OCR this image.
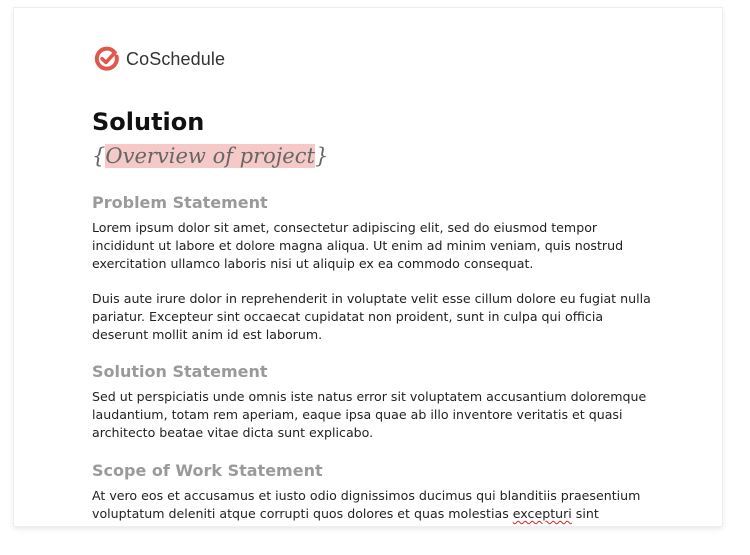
CoSchedule
Solution

{Overview of project}

Problem Statement

Lorem ipsum dolor sit amet, consectetur adipiscing elit, sed do eiusmod tempor incididunt ut labore et dolore magna aliqua. Ut enim ad minim veniam, quis nostrud exercitation ullamco laboris nisi ut aliquip ex ea commodo consequat.

Duis aute irure dolor in reprehenderit in voluptate velit esse cillum dolore eu fugiat nulla pariatur. Excepteur sint occaecat cupidatat non proident, sunt in culpa qui officia deserunt mollit anim id est laborum.

Solution Statement

Sed ut perspiciatis unde omnis iste natus error sit voluptatem accusantium doloremque laudantium, totam rem aperiam, eaque ipsa quae ab illo inventore veritatis et quasi architecto beatae vitae dicta sunt explicabo.

Scope of Work Statement

At vero eos et accusamus et iusto odio dignissimos ducimus qui blanditiis praesentium voluptatum deleniti atque corrupti quos dolores et quas molestias excepturi sint
